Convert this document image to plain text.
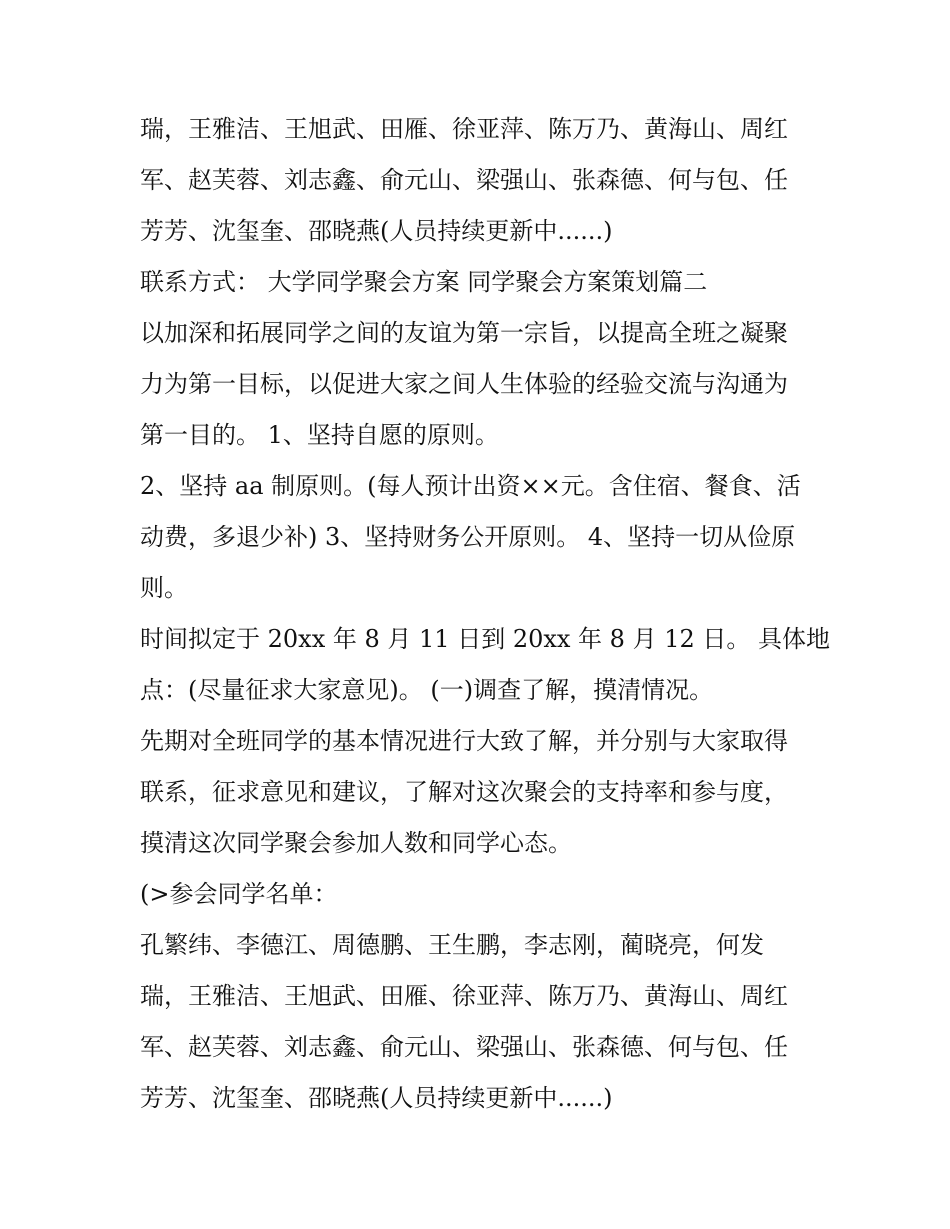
瑞，王雅洁、王旭武、田雁、徐亚萍、陈万乃、黄海山、周红
军、赵芙蓉、刘志鑫、俞元山、梁强山、张森德、何与包、任
芳芳、沈玺奎、邵晓燕(人员持续更新中......)
联系方式： 大学同学聚会方案 同学聚会方案策划篇二
以加深和拓展同学之间的友谊为第一宗旨，以提高全班之凝聚
力为第一目标，以促进大家之间人生体验的经验交流与沟通为
第一目的。 1、坚持自愿的原则。
2、坚持 aa 制原则。(每人预计出资××元。含住宿、餐食、活
动费，多退少补) 3、坚持财务公开原则。 4、坚持一切从俭原
则。
时间拟定于 20xx 年 8 月 11 日到 20xx 年 8 月 12 日。 具体地
点：(尽量征求大家意见)。 (一)调查了解，摸清情况。
先期对全班同学的基本情况进行大致了解，并分别与大家取得
联系，征求意见和建议，了解对这次聚会的支持率和参与度，
摸清这次同学聚会参加人数和同学心态。
(>参会同学名单：
孔繁纬、李德江、周德鹏、王生鹏，李志刚，蔺晓亮，何发
瑞，王雅洁、王旭武、田雁、徐亚萍、陈万乃、黄海山、周红
军、赵芙蓉、刘志鑫、俞元山、梁强山、张森德、何与包、任
芳芳、沈玺奎、邵晓燕(人员持续更新中......)
